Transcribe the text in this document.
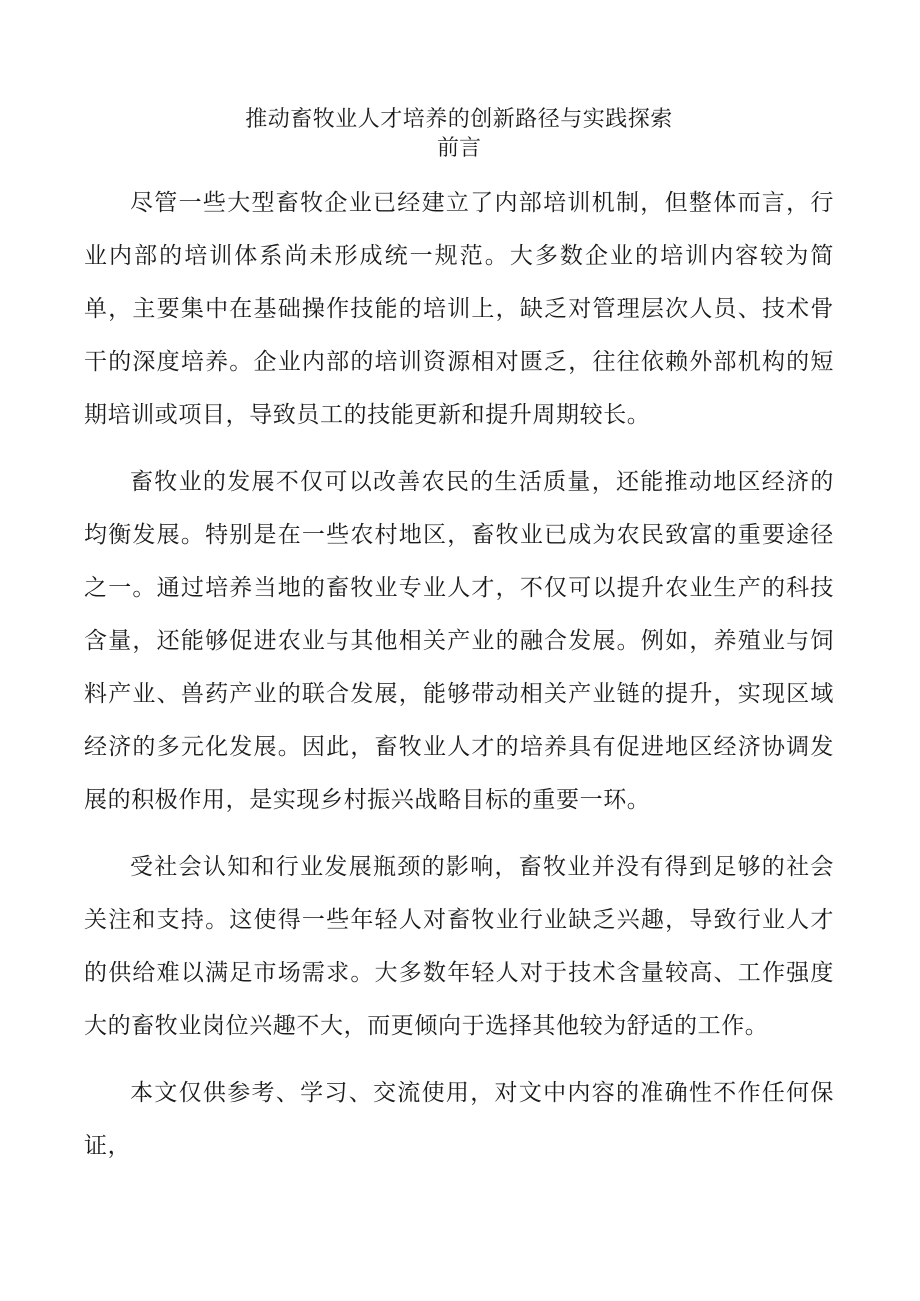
推动畜牧业人才培养的创新路径与实践探索
前言

尽管一些大型畜牧企业已经建立了内部培训机制，但整体而言，行业内部的培训体系尚未形成统一规范。大多数企业的培训内容较为简单，主要集中在基础操作技能的培训上，缺乏对管理层次人员、技术骨干的深度培养。企业内部的培训资源相对匮乏，往往依赖外部机构的短期培训或项目，导致员工的技能更新和提升周期较长。

畜牧业的发展不仅可以改善农民的生活质量，还能推动地区经济的均衡发展。特别是在一些农村地区，畜牧业已成为农民致富的重要途径之一。通过培养当地的畜牧业专业人才，不仅可以提升农业生产的科技含量，还能够促进农业与其他相关产业的融合发展。例如，养殖业与饲料产业、兽药产业的联合发展，能够带动相关产业链的提升，实现区域经济的多元化发展。因此，畜牧业人才的培养具有促进地区经济协调发展的积极作用，是实现乡村振兴战略目标的重要一环。

受社会认知和行业发展瓶颈的影响，畜牧业并没有得到足够的社会关注和支持。这使得一些年轻人对畜牧业行业缺乏兴趣，导致行业人才的供给难以满足市场需求。大多数年轻人对于技术含量较高、工作强度大的畜牧业岗位兴趣不大，而更倾向于选择其他较为舒适的工作。

本文仅供参考、学习、交流使用，对文中内容的准确性不作任何保证，
